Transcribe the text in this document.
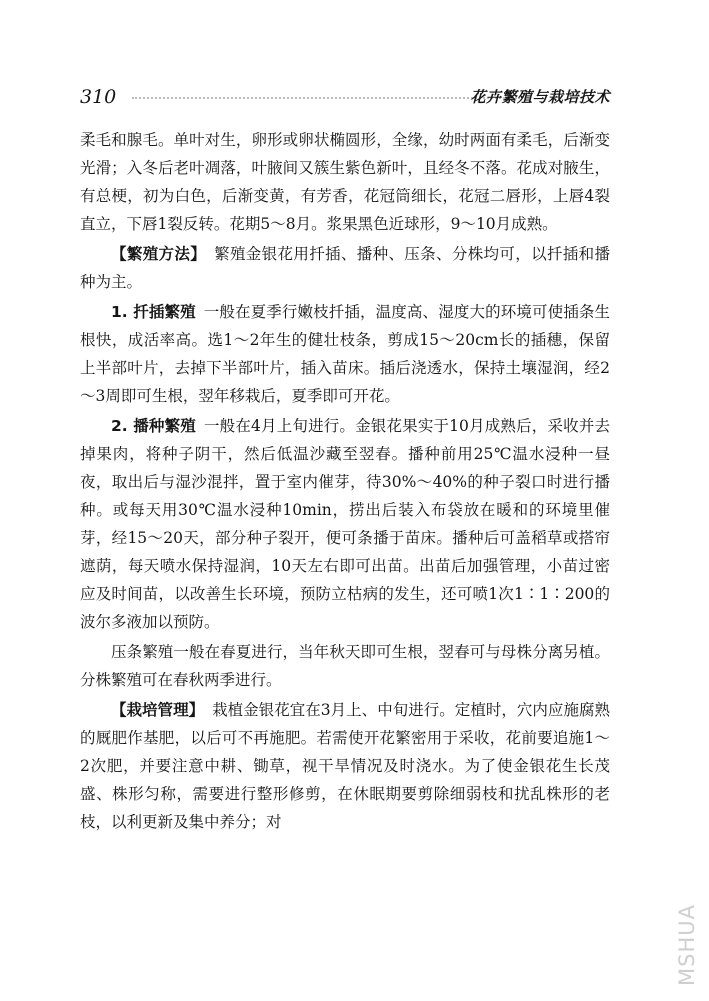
310	花卉繁殖与栽培技术

柔毛和腺毛。单叶对生，卵形或卵状椭圆形，全缘，幼时两面有柔毛，后渐变光滑；入冬后老叶凋落，叶腋间又簇生紫色新叶，且经冬不落。花成对腋生，有总梗，初为白色，后渐变黄，有芳香，花冠筒细长，花冠二唇形，上唇4裂直立，下唇1裂反转。花期5～8月。浆果黑色近球形，9～10月成熟。

【繁殖方法】 繁殖金银花用扦插、播种、压条、分株均可，以扦插和播种为主。

1. 扦插繁殖 一般在夏季行嫩枝扦插，温度高、湿度大的环境可使插条生根快，成活率高。选1～2年生的健壮枝条，剪成15～20cm长的插穗，保留上半部叶片，去掉下半部叶片，插入苗床。插后浇透水，保持土壤湿润，经2～3周即可生根，翌年移栽后，夏季即可开花。

2. 播种繁殖 一般在4月上旬进行。金银花果实于10月成熟后，采收并去掉果肉，将种子阴干，然后低温沙藏至翌春。播种前用25℃温水浸种一昼夜，取出后与湿沙混拌，置于室内催芽，待30%～40%的种子裂口时进行播种。或每天用30℃温水浸种10min，捞出后装入布袋放在暖和的环境里催芽，经15～20天，部分种子裂开，便可条播于苗床。播种后可盖稻草或搭帘遮荫，每天喷水保持湿润，10天左右即可出苗。出苗后加强管理，小苗过密应及时间苗，以改善生长环境，预防立枯病的发生，还可喷1次1∶1∶200的波尔多液加以预防。

压条繁殖一般在春夏进行，当年秋天即可生根，翌春可与母株分离另植。分株繁殖可在春秋两季进行。

【栽培管理】 栽植金银花宜在3月上、中旬进行。定植时，穴内应施腐熟的厩肥作基肥，以后可不再施肥。若需使开花繁密用于采收，花前要追施1～2次肥，并要注意中耕、锄草，视干旱情况及时浇水。为了使金银花生长茂盛、株形匀称，需要进行整形修剪，在休眠期要剪除细弱枝和扰乱株形的老枝，以利更新及集中养分；对

MSHUA
